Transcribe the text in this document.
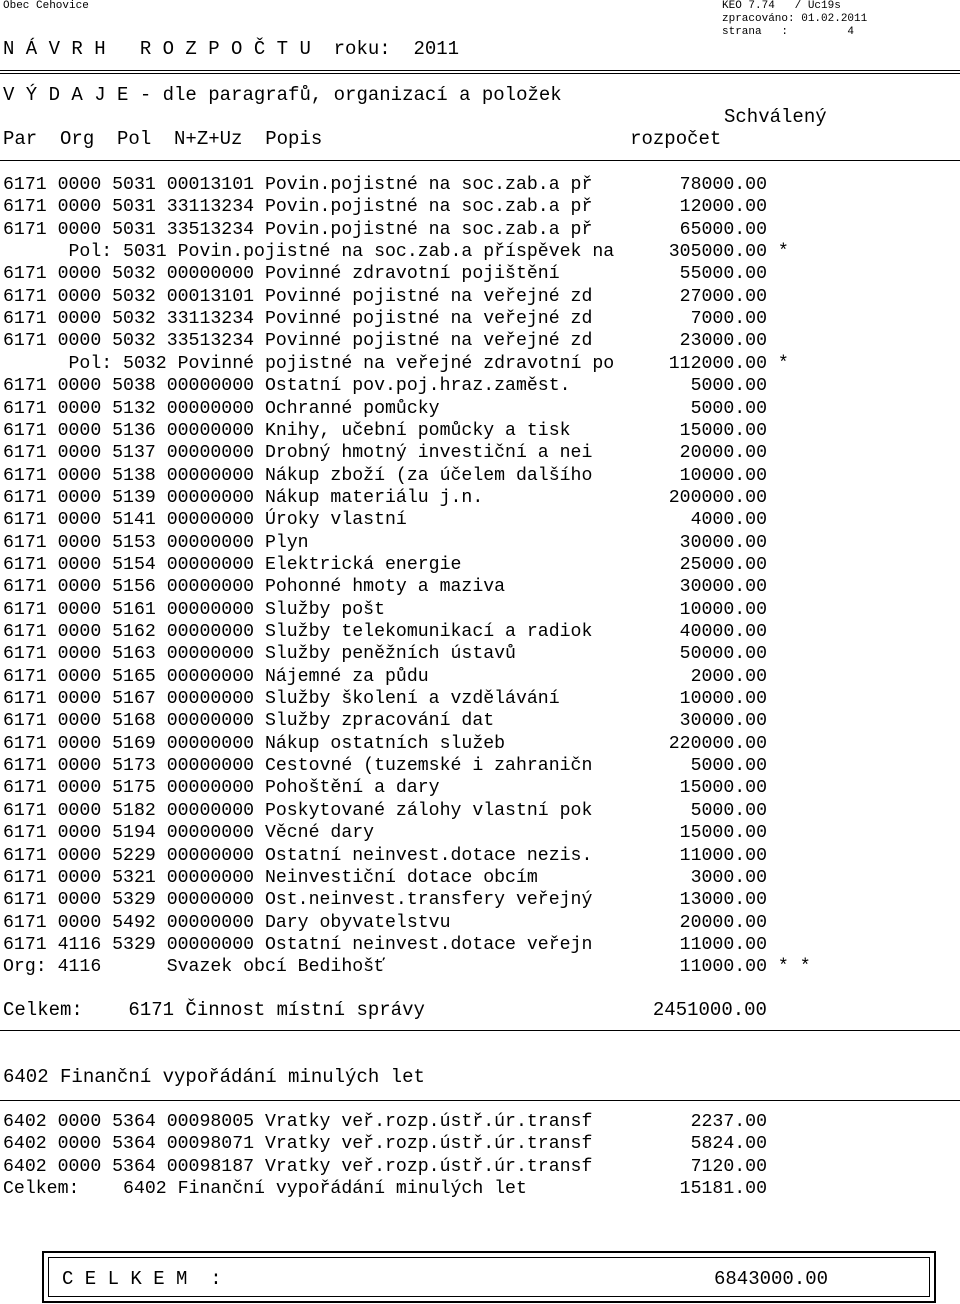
Obec Čehovice	KEO 7.74   / Uc19s
zpracováno: 01.02.2011
strana   :         4
N Á V R H   R O Z P O Č T U  roku:  2011
V Ý D A J E - dle paragrafů, organizací a položek
Schválený
Par  Org  Pol  N+Z+Uz  Popis                           rozpočet
6171 0000 5031 00013101 Povin.pojistné na soc.zab.a př        78000.00
6171 0000 5031 33113234 Povin.pojistné na soc.zab.a př        12000.00
6171 0000 5031 33513234 Povin.pojistné na soc.zab.a př        65000.00
Pol: 5031 Povin.pojistné na soc.zab.a příspěvek na     305000.00 *
6171 0000 5032 00000000 Povinné zdravotní pojištění           55000.00
6171 0000 5032 00013101 Povinné pojistné na veřejné zd        27000.00
6171 0000 5032 33113234 Povinné pojistné na veřejné zd         7000.00
6171 0000 5032 33513234 Povinné pojistné na veřejné zd        23000.00
Pol: 5032 Povinné pojistné na veřejné zdravotní po     112000.00 *
6171 0000 5038 00000000 Ostatní pov.poj.hraz.zaměst.           5000.00
6171 0000 5132 00000000 Ochranné pomůcky                       5000.00
6171 0000 5136 00000000 Knihy, učební pomůcky a tisk          15000.00
6171 0000 5137 00000000 Drobný hmotný investiční a nei        20000.00
6171 0000 5138 00000000 Nákup zboží (za účelem dalšího        10000.00
6171 0000 5139 00000000 Nákup materiálu j.n.                 200000.00
6171 0000 5141 00000000 Úroky vlastní                          4000.00
6171 0000 5153 00000000 Plyn                                  30000.00
6171 0000 5154 00000000 Elektrická energie                    25000.00
6171 0000 5156 00000000 Pohonné hmoty a maziva                30000.00
6171 0000 5161 00000000 Služby pošt                           10000.00
6171 0000 5162 00000000 Služby telekomunikací a radiok        40000.00
6171 0000 5163 00000000 Služby peněžních ústavů               50000.00
6171 0000 5165 00000000 Nájemné za půdu                        2000.00
6171 0000 5167 00000000 Služby školení a vzdělávání           10000.00
6171 0000 5168 00000000 Služby zpracování dat                 30000.00
6171 0000 5169 00000000 Nákup ostatních služeb               220000.00
6171 0000 5173 00000000 Cestovné (tuzemské i zahraničn         5000.00
6171 0000 5175 00000000 Pohoštění a dary                      15000.00
6171 0000 5182 00000000 Poskytované zálohy vlastní pok         5000.00
6171 0000 5194 00000000 Věcné dary                            15000.00
6171 0000 5229 00000000 Ostatní neinvest.dotace nezis.        11000.00
6171 0000 5321 00000000 Neinvestiční dotace obcím              3000.00
6171 0000 5329 00000000 Ost.neinvest.transfery veřejný        13000.00
6171 0000 5492 00000000 Dary obyvatelstvu                     20000.00
6171 4116 5329 00000000 Ostatní neinvest.dotace veřejn        11000.00
Org: 4116      Svazek obcí Bedihošť                           11000.00 * *
Celkem:    6171 Činnost místní správy                    2451000.00
6402 Finanční vypořádání minulých let
6402 0000 5364 00098005 Vratky veř.rozp.ústř.úr.transf         2237.00
6402 0000 5364 00098071 Vratky veř.rozp.ústř.úr.transf         5824.00
6402 0000 5364 00098187 Vratky veř.rozp.ústř.úr.transf         7120.00
Celkem:    6402 Finanční vypořádání minulých let              15181.00
C E L K E M  :	6843000.00
